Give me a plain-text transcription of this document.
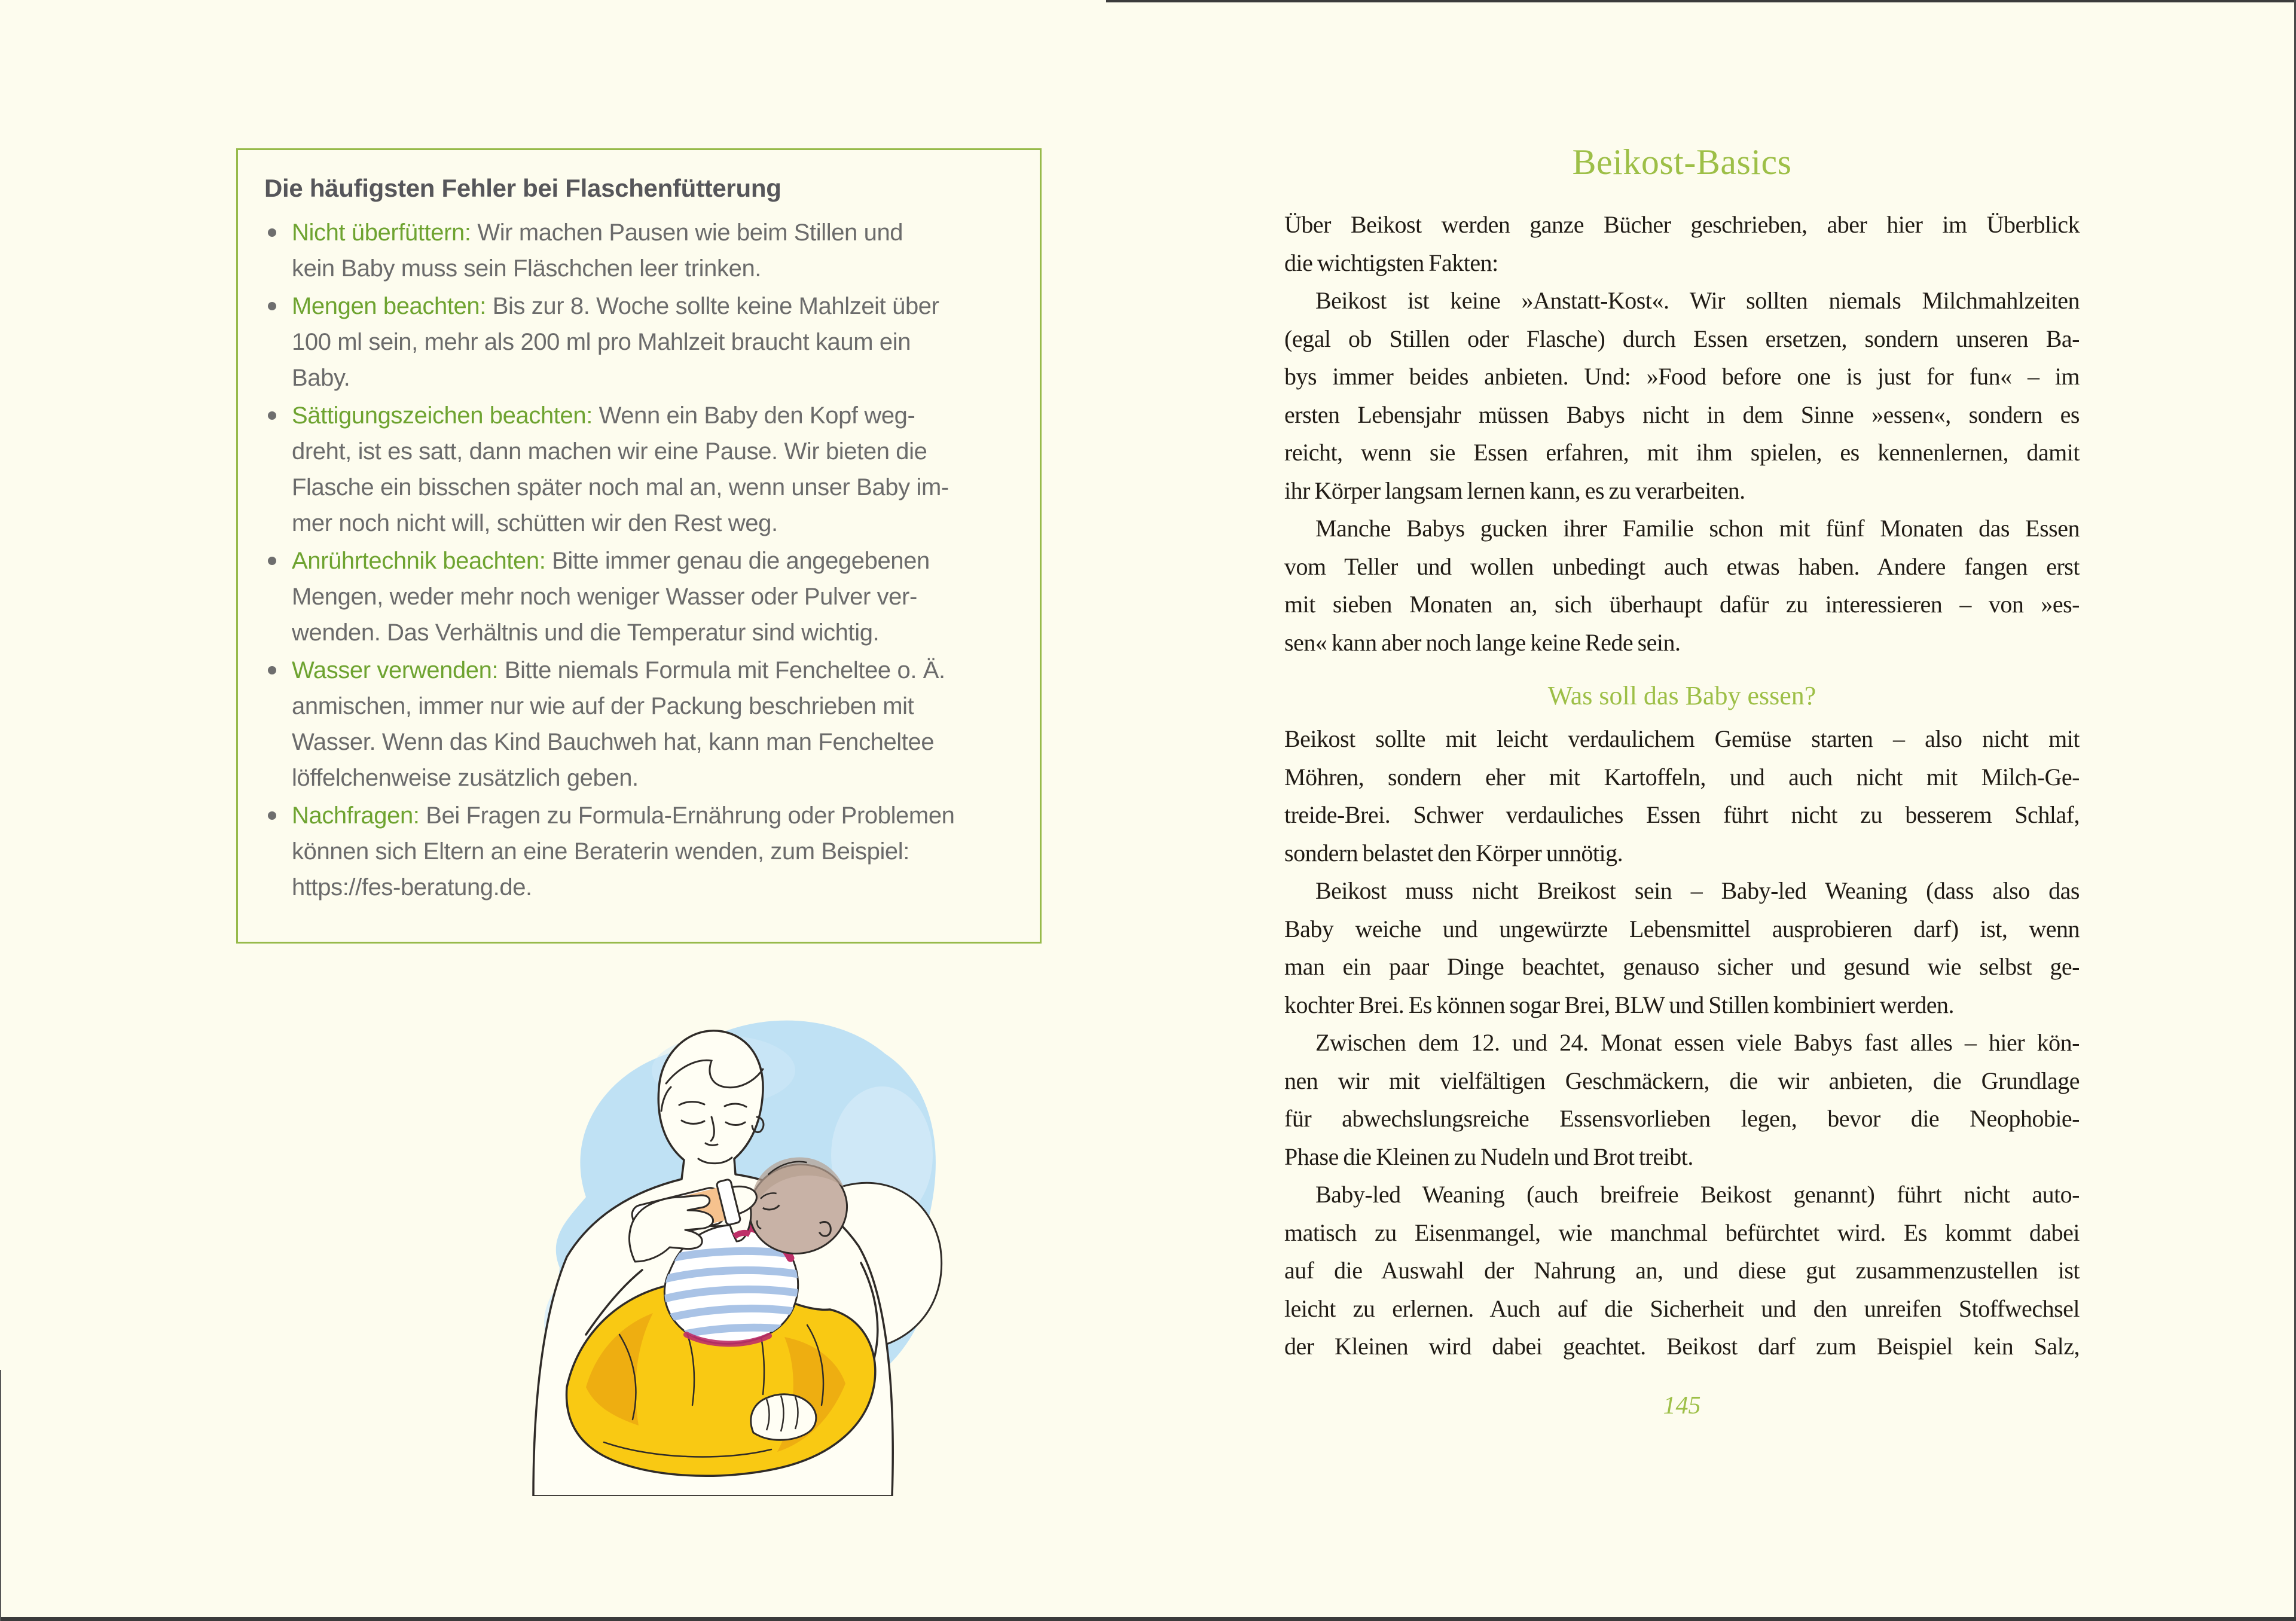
Die häufigsten Fehler bei Flaschenfütterung
Nicht überfüttern: Wir machen Pausen wie beim Stillen und
kein Baby muss sein Fläschchen leer trinken.
Mengen beachten: Bis zur 8. Woche sollte keine Mahlzeit über
100 ml sein, mehr als 200 ml pro Mahlzeit braucht kaum ein
Baby.
Sättigungszeichen beachten: Wenn ein Baby den Kopf weg-
dreht, ist es satt, dann machen wir eine Pause. Wir bieten die
Flasche ein bisschen später noch mal an, wenn unser Baby im-
mer noch nicht will, schütten wir den Rest weg.
Anrührtechnik beachten: Bitte immer genau die angegebenen
Mengen, weder mehr noch weniger Wasser oder Pulver ver-
wenden. Das Verhältnis und die Temperatur sind wichtig.
Wasser verwenden: Bitte niemals Formula mit Fencheltee o. Ä.
anmischen, immer nur wie auf der Packung beschrieben mit
Wasser. Wenn das Kind Bauchweh hat, kann man Fencheltee
löffelchenweise zusätzlich geben.
Nachfragen: Bei Fragen zu Formula-Ernährung oder Problemen
können sich Eltern an eine Beraterin wenden, zum Beispiel:
https://fes-beratung.de.
Beikost-Basics
Über Beikost werden ganze Bücher geschrieben, aber hier im Überblick
die wichtigsten Fakten:
Beikost ist keine »Anstatt-Kost«. Wir sollten niemals Milchmahlzeiten
(egal ob Stillen oder Flasche) durch Essen ersetzen, sondern unseren Ba-
bys immer beides anbieten. Und: »Food before one is just for fun« – im
ersten Lebensjahr müssen Babys nicht in dem Sinne »essen«, sondern es
reicht, wenn sie Essen erfahren, mit ihm spielen, es kennenlernen, damit
ihr Körper langsam lernen kann, es zu verarbeiten.
Manche Babys gucken ihrer Familie schon mit fünf Monaten das Essen
vom Teller und wollen unbedingt auch etwas haben. Andere fangen erst
mit sieben Monaten an, sich überhaupt dafür zu interessieren – von »es-
sen« kann aber noch lange keine Rede sein.
Was soll das Baby essen?
Beikost sollte mit leicht verdaulichem Gemüse starten – also nicht mit
Möhren, sondern eher mit Kartoffeln, und auch nicht mit Milch-Ge-
treide-Brei. Schwer verdauliches Essen führt nicht zu besserem Schlaf,
sondern belastet den Körper unnötig.
Beikost muss nicht Breikost sein – Baby-led Weaning (dass also das
Baby weiche und ungewürzte Lebensmittel ausprobieren darf) ist, wenn
man ein paar Dinge beachtet, genauso sicher und gesund wie selbst ge-
kochter Brei. Es können sogar Brei, BLW und Stillen kombiniert werden.
Zwischen dem 12. und 24. Monat essen viele Babys fast alles – hier kön-
nen wir mit vielfältigen Geschmäckern, die wir anbieten, die Grundlage
für abwechslungsreiche Essensvorlieben legen, bevor die Neophobie-
Phase die Kleinen zu Nudeln und Brot treibt.
Baby-led Weaning (auch breifreie Beikost genannt) führt nicht auto-
matisch zu Eisenmangel, wie manchmal befürchtet wird. Es kommt dabei
auf die Auswahl der Nahrung an, und diese gut zusammenzustellen ist
leicht zu erlernen. Auch auf die Sicherheit und den unreifen Stoffwechsel
der Kleinen wird dabei geachtet. Beikost darf zum Beispiel kein Salz,
145
